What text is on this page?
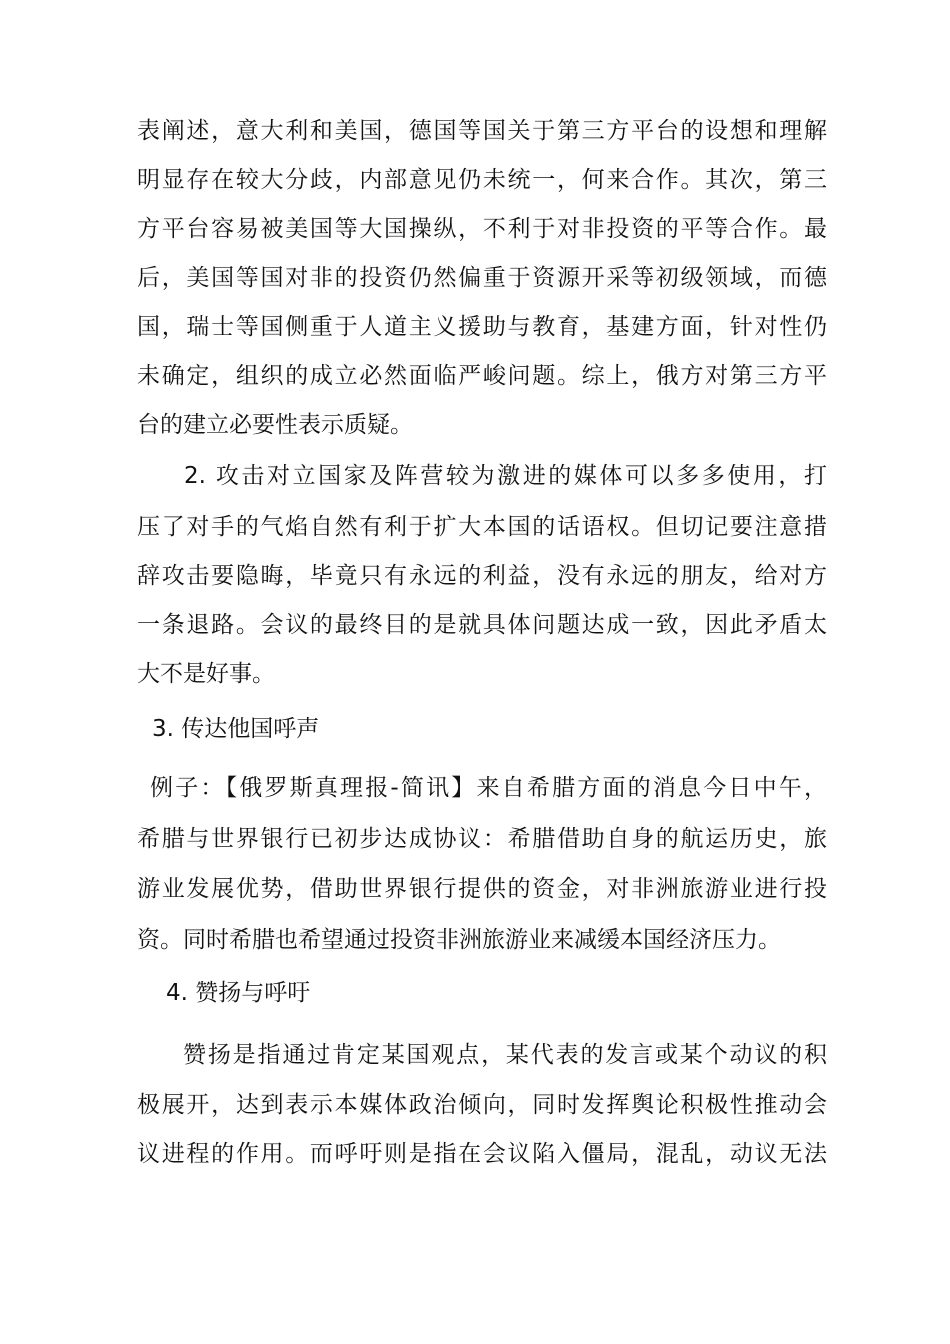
表阐述，意大利和美国，德国等国关于第三方平台的设想和理解
明显存在较大分歧，内部意见仍未统一，何来合作。其次，第三
方平台容易被美国等大国操纵，不利于对非投资的平等合作。最
后，美国等国对非的投资仍然偏重于资源开采等初级领域，而德
国，瑞士等国侧重于人道主义援助与教育，基建方面，针对性仍
未确定，组织的成立必然面临严峻问题。综上，俄方对第三方平
台的建立必要性表示质疑。
2. 攻击对立国家及阵营较为激进的媒体可以多多使用，打
压了对手的气焰自然有利于扩大本国的话语权。但切记要注意措
辞攻击要隐晦，毕竟只有永远的利益，没有永远的朋友，给对方
一条退路。会议的最终目的是就具体问题达成一致，因此矛盾太
大不是好事。
3. 传达他国呼声
例子：【俄罗斯真理报-简讯】来自希腊方面的消息今日中午，
希腊与世界银行已初步达成协议：希腊借助自身的航运历史，旅
游业发展优势，借助世界银行提供的资金，对非洲旅游业进行投
资。同时希腊也希望通过投资非洲旅游业来减缓本国经济压力。
4. 赞扬与呼吁
赞扬是指通过肯定某国观点，某代表的发言或某个动议的积
极展开，达到表示本媒体政治倾向，同时发挥舆论积极性推动会
议进程的作用。而呼吁则是指在会议陷入僵局，混乱，动议无法
